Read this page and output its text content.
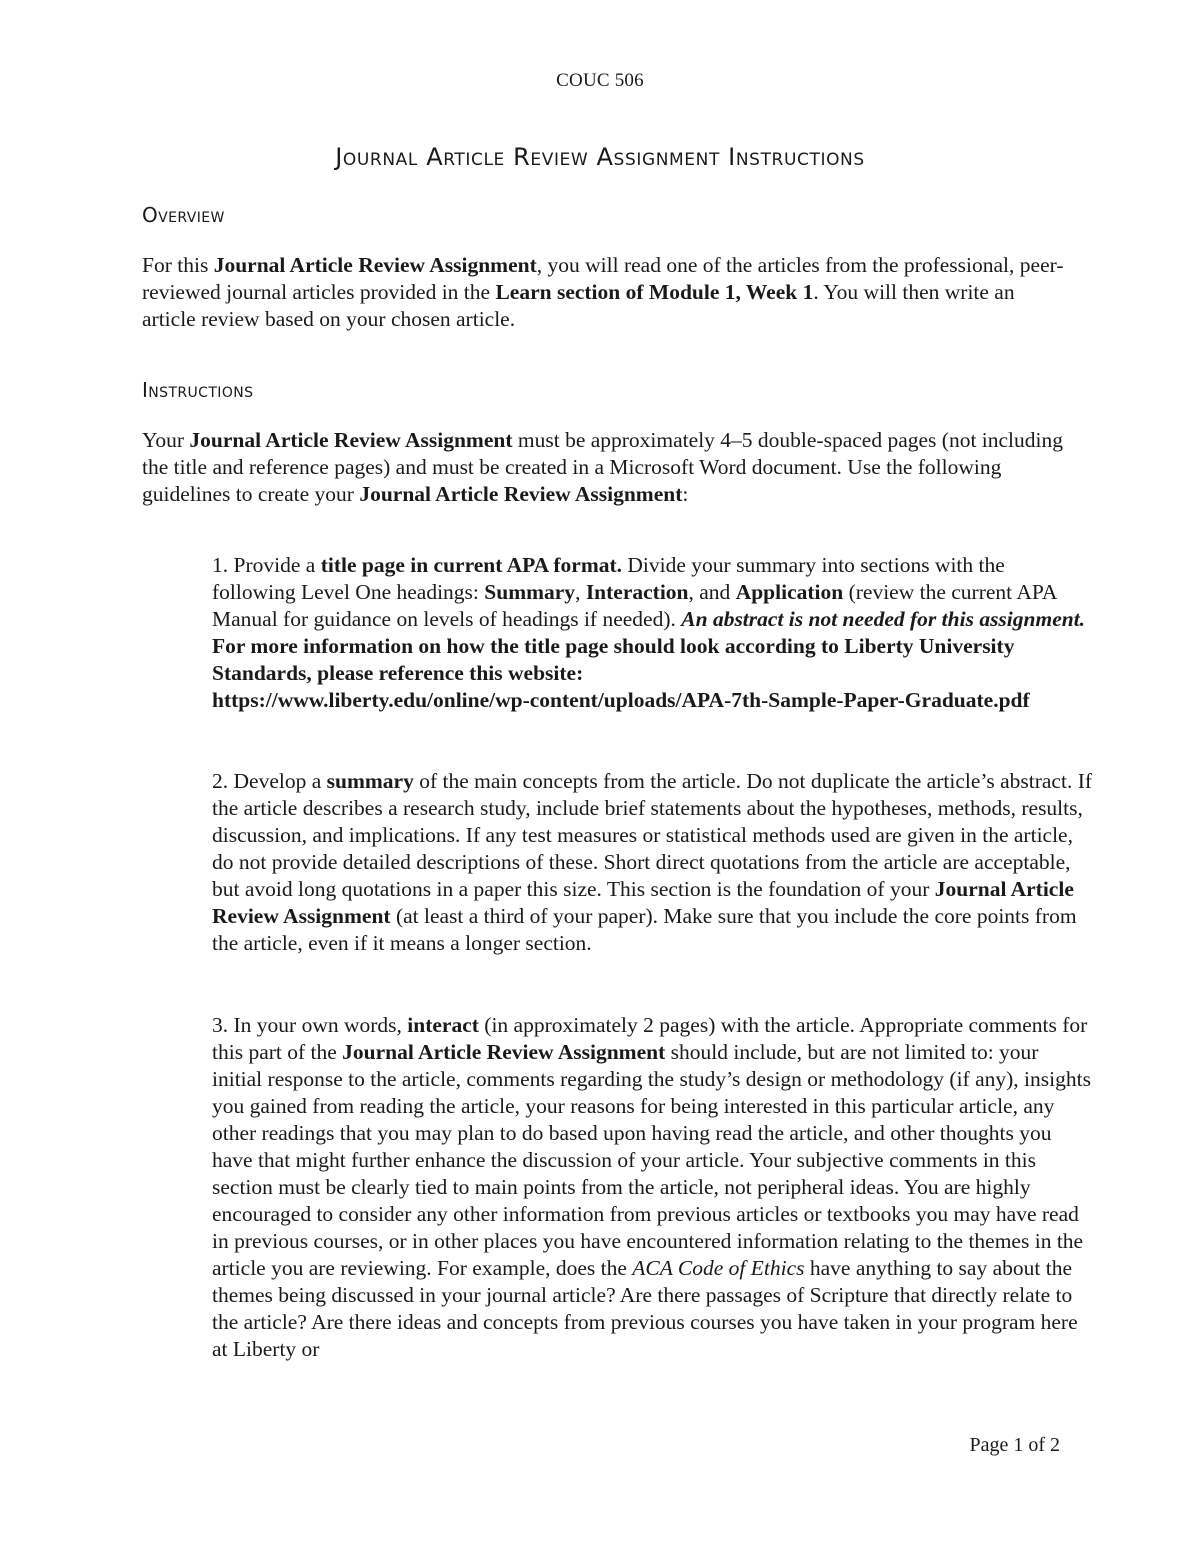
COUC 506
Journal Article Review Assignment Instructions
Overview
For this Journal Article Review Assignment, you will read one of the articles from the professional, peer-reviewed journal articles provided in the Learn section of Module 1, Week 1. You will then write an article review based on your chosen article.
Instructions
Your Journal Article Review Assignment must be approximately 4–5 double-spaced pages (not including the title and reference pages) and must be created in a Microsoft Word document. Use the following guidelines to create your Journal Article Review Assignment:
1. Provide a title page in current APA format. Divide your summary into sections with the following Level One headings: Summary, Interaction, and Application (review the current APA Manual for guidance on levels of headings if needed). An abstract is not needed for this assignment. For more information on how the title page should look according to Liberty University Standards, please reference this website:
https://www.liberty.edu/online/wp-content/uploads/APA-7th-Sample-Paper-Graduate.pdf
2. Develop a summary of the main concepts from the article. Do not duplicate the article’s abstract. If the article describes a research study, include brief statements about the hypotheses, methods, results, discussion, and implications. If any test measures or statistical methods used are given in the article, do not provide detailed descriptions of these. Short direct quotations from the article are acceptable, but avoid long quotations in a paper this size. This section is the foundation of your Journal Article Review Assignment (at least a third of your paper). Make sure that you include the core points from the article, even if it means a longer section.
3. In your own words, interact (in approximately 2 pages) with the article. Appropriate comments for this part of the Journal Article Review Assignment should include, but are not limited to: your initial response to the article, comments regarding the study’s design or methodology (if any), insights you gained from reading the article, your reasons for being interested in this particular article, any other readings that you may plan to do based upon having read the article, and other thoughts you have that might further enhance the discussion of your article. Your subjective comments in this section must be clearly tied to main points from the article, not peripheral ideas. You are highly encouraged to consider any other information from previous articles or textbooks you may have read in previous courses, or in other places you have encountered information relating to the themes in the article you are reviewing. For example, does the ACA Code of Ethics have anything to say about the themes being discussed in your journal article? Are there passages of Scripture that directly relate to the article? Are there ideas and concepts from previous courses you have taken in your program here at Liberty or
Page 1 of 2
